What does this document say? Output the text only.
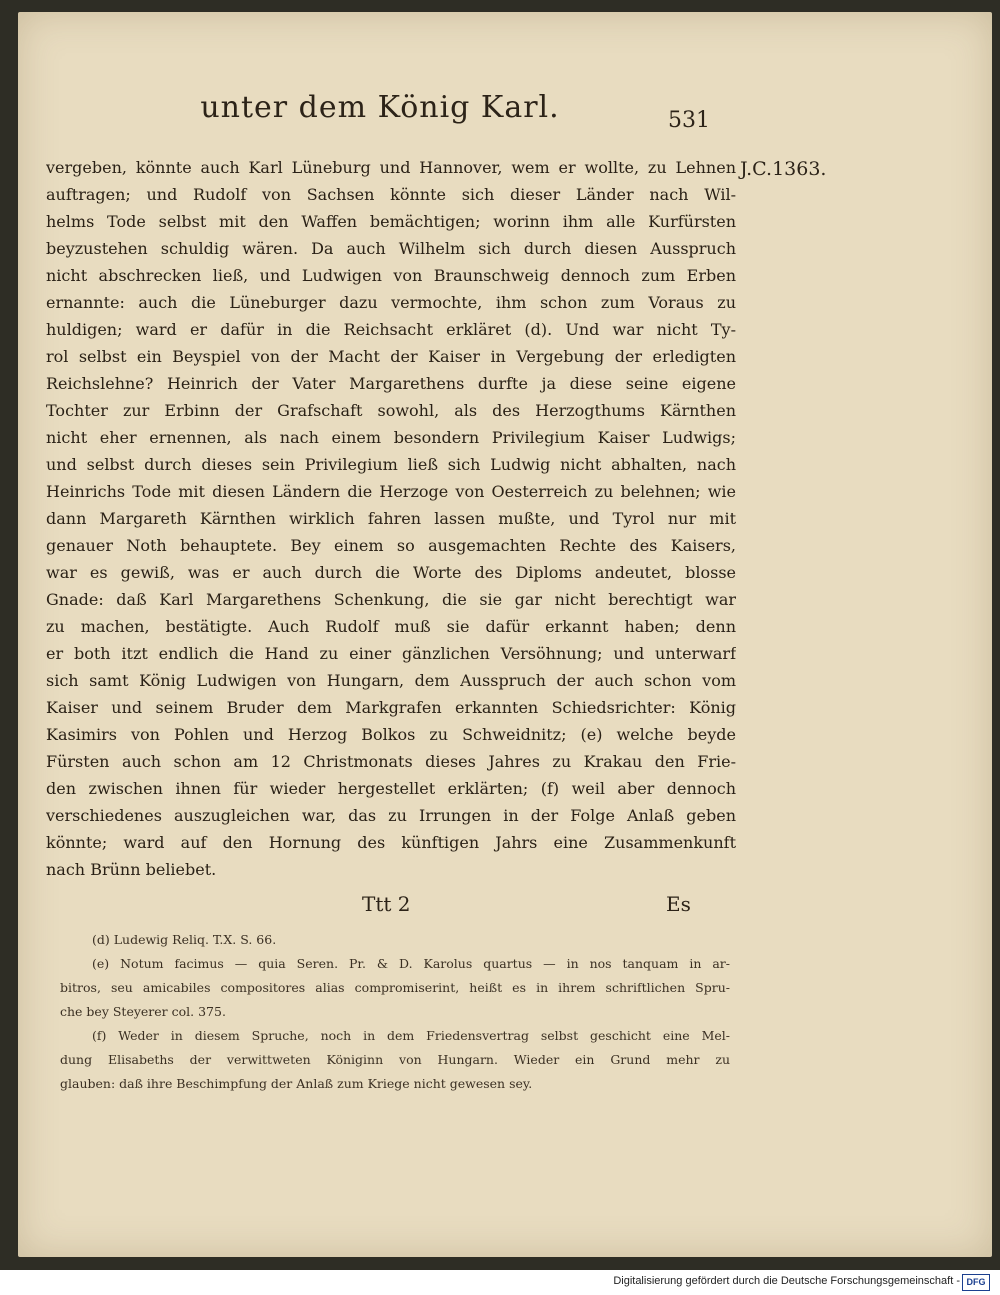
unter dem König Karl.	531
J.C.1363.
vergeben, könnte auch Karl Lüneburg und Hannover, wem er wollte, zu Lehnen
auftragen; und Rudolf von Sachsen könnte sich dieser Länder nach Wil-
helms Tode selbst mit den Waffen bemächtigen; worinn ihm alle Kurfürsten
beyzustehen schuldig wären. Da auch Wilhelm sich durch diesen Ausspruch
nicht abschrecken ließ, und Ludwigen von Braunschweig dennoch zum Erben
ernannte: auch die Lüneburger dazu vermochte, ihm schon zum Voraus zu
huldigen; ward er dafür in die Reichsacht erkläret (d). Und war nicht Ty-
rol selbst ein Beyspiel von der Macht der Kaiser in Vergebung der erledigten
Reichslehne? Heinrich der Vater Margarethens durfte ja diese seine eigene
Tochter zur Erbinn der Grafschaft sowohl, als des Herzogthums Kärnthen
nicht eher ernennen, als nach einem besondern Privilegium Kaiser Ludwigs;
und selbst durch dieses sein Privilegium ließ sich Ludwig nicht abhalten, nach
Heinrichs Tode mit diesen Ländern die Herzoge von Oesterreich zu belehnen; wie
dann Margareth Kärnthen wirklich fahren lassen mußte, und Tyrol nur mit
genauer Noth behauptete. Bey einem so ausgemachten Rechte des Kaisers,
war es gewiß, was er auch durch die Worte des Diploms andeutet, blosse
Gnade: daß Karl Margarethens Schenkung, die sie gar nicht berechtigt war
zu machen, bestätigte. Auch Rudolf muß sie dafür erkannt haben; denn
er both itzt endlich die Hand zu einer gänzlichen Versöhnung; und unterwarf
sich samt König Ludwigen von Hungarn, dem Ausspruch der auch schon vom
Kaiser und seinem Bruder dem Markgrafen erkannten Schiedsrichter: König
Kasimirs von Pohlen und Herzog Bolkos zu Schweidnitz; (e) welche beyde
Fürsten auch schon am 12 Christmonats dieses Jahres zu Krakau den Frie-
den zwischen ihnen für wieder hergestellet erklärten; (f) weil aber dennoch
verschiedenes auszugleichen war, das zu Irrungen in der Folge Anlaß geben
könnte; ward auf den Hornung des künftigen Jahrs eine Zusammenkunft
nach Brünn beliebet.
Ttt 2	Es
(d) Ludewig Reliq. T.X. S. 66.
(e) Notum facimus — quia Seren. Pr. & D. Karolus quartus — in nos tanquam in ar-
bitros, seu amicabiles compositores alias compromiserint, heißt es in ihrem schriftlichen Spru-
che bey Steyerer col. 375.
(f) Weder in diesem Spruche, noch in dem Friedensvertrag selbst geschicht eine Mel-
dung Elisabeths der verwittweten Königinn von Hungarn. Wieder ein Grund mehr zu
glauben: daß ihre Beschimpfung der Anlaß zum Kriege nicht gewesen sey.
Digitalisierung gefördert durch die Deutsche Forschungsgemeinschaft - DFG
